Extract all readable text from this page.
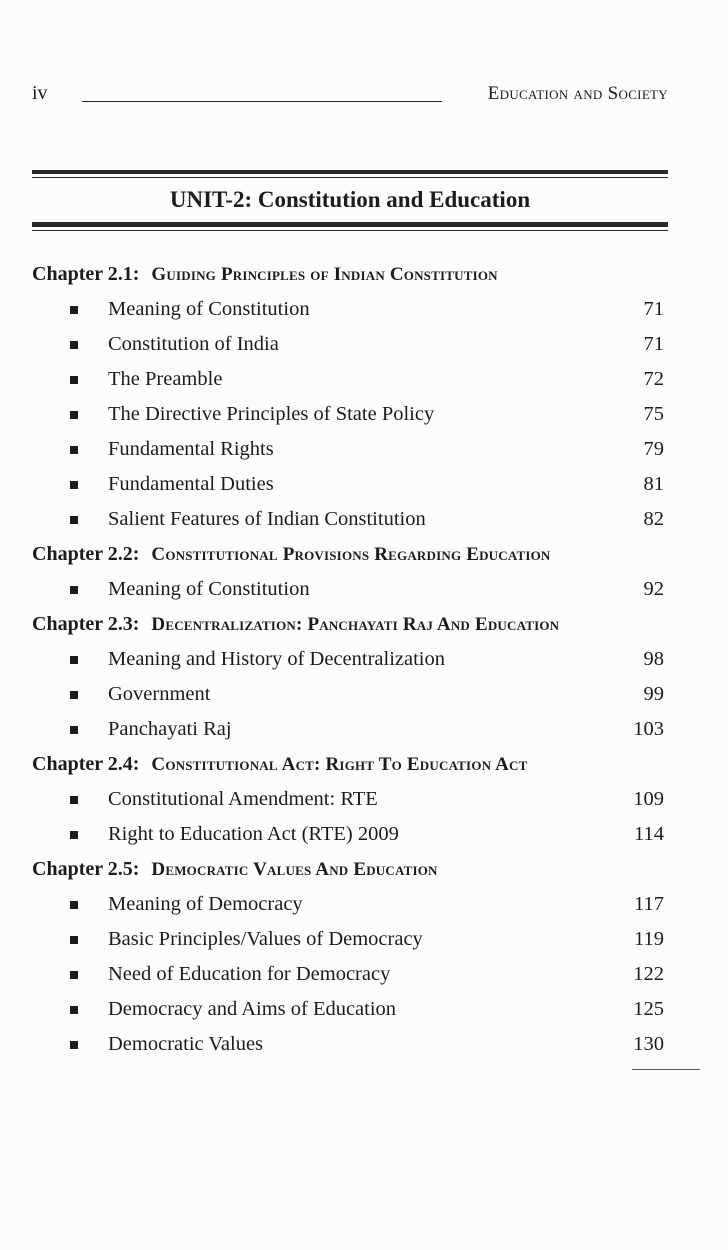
iv	Education and Society
UNIT-2: Constitution and Education
Chapter 2.1: Guiding Principles of Indian Constitution
Meaning of Constitution	71
Constitution of India	71
The Preamble	72
The Directive Principles of State Policy	75
Fundamental Rights	79
Fundamental Duties	81
Salient Features of Indian Constitution	82
Chapter 2.2: Constitutional Provisions Regarding Education
Meaning of Constitution	92
Chapter 2.3: Decentralization: Panchayati Raj And Education
Meaning and History of Decentralization	98
Government	99
Panchayati Raj	103
Chapter 2.4: Constitutional Act: Right To Education Act
Constitutional Amendment: RTE	109
Right to Education Act (RTE) 2009	114
Chapter 2.5: Democratic Values And Education
Meaning of Democracy	117
Basic Principles/Values of Democracy	119
Need of Education for Democracy	122
Democracy and Aims of Education	125
Democratic Values	130
